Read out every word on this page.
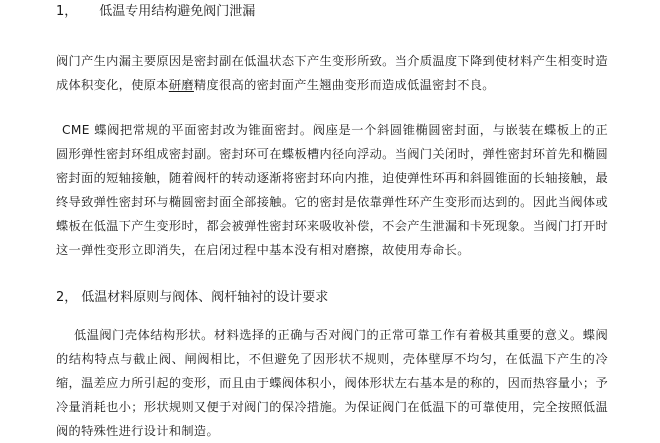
1， 低温专用结构避免阀门泄漏
阀门产生内漏主要原因是密封副在低温状态下产生变形所致。当介质温度下降到使材料产生相变时造成体积变化，使原本研磨精度很高的密封面产生翘曲变形而造成低温密封不良。
CME 蝶阀把常规的平面密封改为锥面密封。阀座是一个斜圆锥椭圆密封面，与嵌装在蝶板上的正圆形弹性密封环组成密封副。密封环可在蝶板槽内径向浮动。当阀门关闭时，弹性密封环首先和椭圆密封面的短轴接触，随着阀杆的转动逐渐将密封环向内推，迫使弹性环再和斜圆锥面的长轴接触，最终导致弹性密封环与椭圆密封面全部接触。它的密封是依靠弹性环产生变形而达到的。因此当阀体或蝶板在低温下产生变形时，都会被弹性密封环来吸收补偿，不会产生泄漏和卡死现象。当阀门打开时这一弹性变形立即消失，在启闭过程中基本没有相对磨擦，故使用寿命长。
2， 低温材料原则与阀体、阀杆轴衬的设计要求
低温阀门壳体结构形状。材料选择的正确与否对阀门的正常可靠工作有着极其重要的意义。蝶阀的结构特点与截止阀、闸阀相比，不但避免了因形状不规则，壳体壁厚不均匀，在低温下产生的冷缩，温差应力所引起的变形，而且由于蝶阀体积小，阀体形状左右基本是的称的，因而热容量小；予冷量消耗也小；形状规则又便于对阀门的保冷措施。为保证阀门在低温下的可靠使用，完全按照低温阀的特殊性进行设计和制造。
